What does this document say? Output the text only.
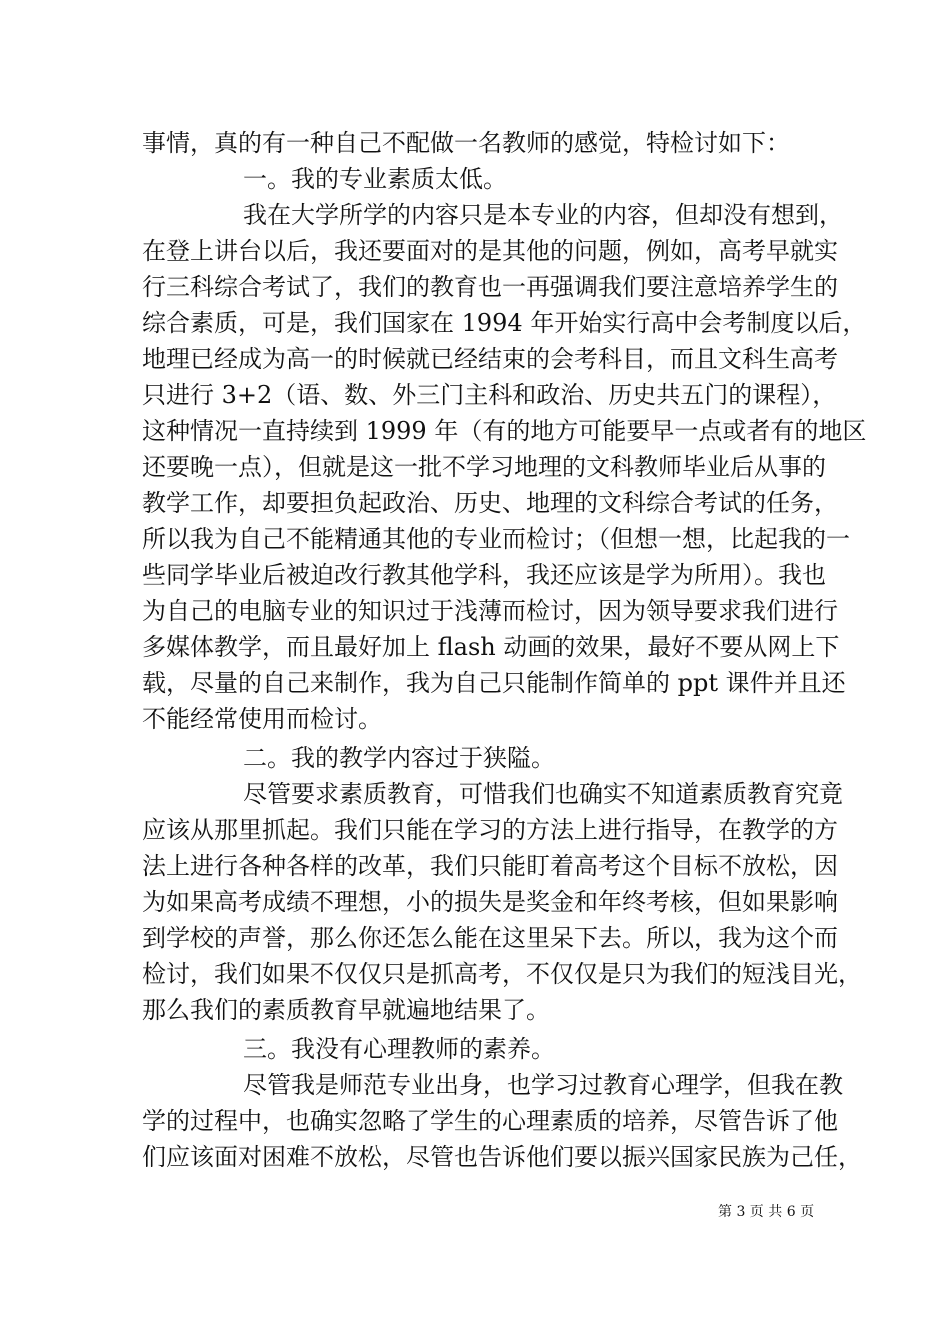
事情，真的有一种自己不配做一名教师的感觉，特检讨如下：
一。我的专业素质太低。
我在大学所学的内容只是本专业的内容，但却没有想到，
在登上讲台以后，我还要面对的是其他的问题，例如，高考早就实
行三科综合考试了，我们的教育也一再强调我们要注意培养学生的
综合素质，可是，我们国家在 1994 年开始实行高中会考制度以后，
地理已经成为高一的时候就已经结束的会考科目，而且文科生高考
只进行 3+2（语、数、外三门主科和政治、历史共五门的课程），
这种情况一直持续到 1999 年（有的地方可能要早一点或者有的地区
还要晚一点），但就是这一批不学习地理的文科教师毕业后从事的
教学工作，却要担负起政治、历史、地理的文科综合考试的任务，
所以我为自己不能精通其他的专业而检讨；（但想一想，比起我的一
些同学毕业后被迫改行教其他学科，我还应该是学为所用）。我也
为自己的电脑专业的知识过于浅薄而检讨，因为领导要求我们进行
多媒体教学，而且最好加上 flash 动画的效果，最好不要从网上下
载，尽量的自己来制作，我为自己只能制作简单的 ppt 课件并且还
不能经常使用而检讨。
二。我的教学内容过于狭隘。
尽管要求素质教育，可惜我们也确实不知道素质教育究竟
应该从那里抓起。我们只能在学习的方法上进行指导，在教学的方
法上进行各种各样的改革，我们只能盯着高考这个目标不放松，因
为如果高考成绩不理想，小的损失是奖金和年终考核，但如果影响
到学校的声誉，那么你还怎么能在这里呆下去。所以，我为这个而
检讨，我们如果不仅仅只是抓高考，不仅仅是只为我们的短浅目光，
那么我们的素质教育早就遍地结果了。
三。我没有心理教师的素养。
尽管我是师范专业出身，也学习过教育心理学，但我在教
学的过程中，也确实忽略了学生的心理素质的培养，尽管告诉了他
们应该面对困难不放松，尽管也告诉他们要以振兴国家民族为己任，
第 3 页 共 6 页
